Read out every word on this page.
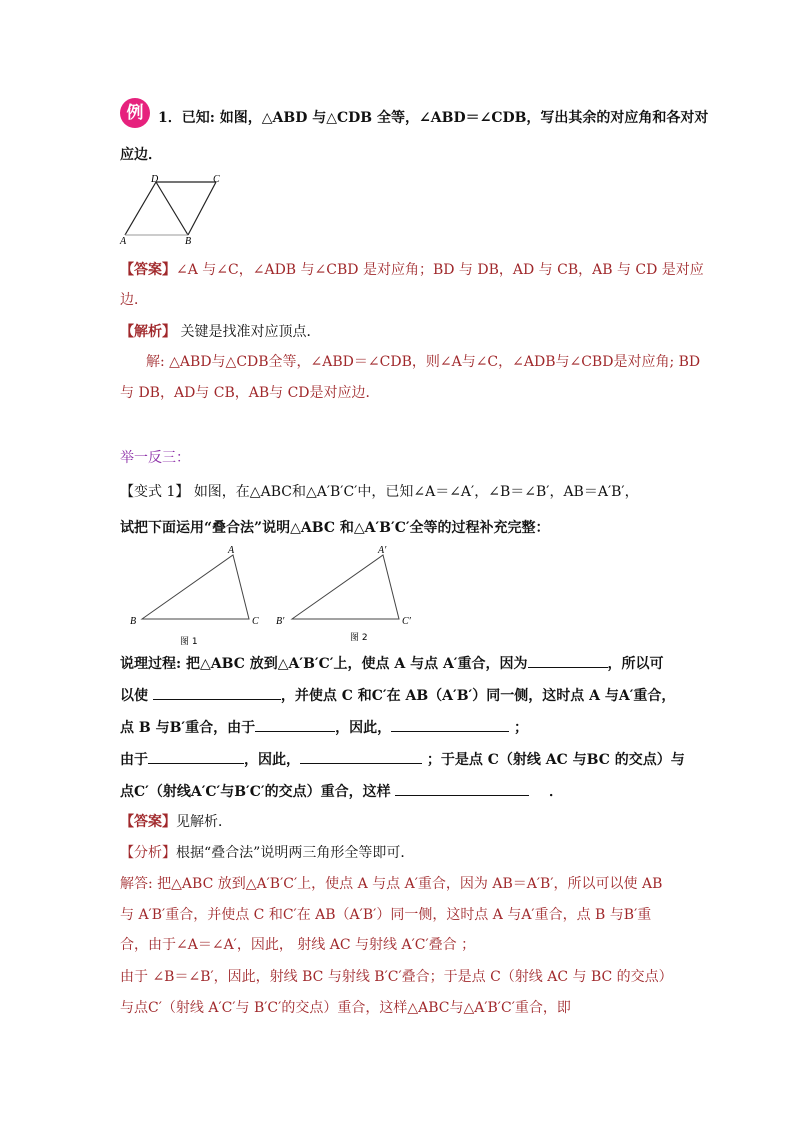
例	1．已知: 如图，△ABD 与△CDB 全等，∠ABD＝∠CDB，写出其余的对应角和各对对
应边．
D	C
A	B
【答案】∠A 与∠C，∠ADB 与∠CBD 是对应角；BD 与 DB，AD 与 CB，AB 与 CD 是对应
边．
【解析】 关键是找准对应顶点．
解: △ABD与△CDB全等，∠ABD＝∠CDB，则∠A与∠C，∠ADB与∠CBD是对应角; BD
与 DB，AD与 CB，AB与 CD是对应边．
举一反三：
【变式 1】 如图，在△ABC和△A′B′C′中，已知∠A＝∠A′，∠B＝∠B′，AB＝A′B′，
试把下面运用“叠合法”说明△ABC 和△A′B′C′全等的过程补充完整：
A
B	C
图 1
A′
B′	C′
图 2
说理过程: 把△ABC 放到△A′B′C′上，使点 A 与点 A′重合，因为	，所以可
以使	，并使点 C 和C′在 AB（A′B′）同一侧，这时点 A 与A′重合，
点 B 与B′重合，由于	，因此，	；
由于	，因此，	；于是点 C（射线 AC 与BC 的交点）与
点C′（射线A′C′与B′C′的交点）重合，这样	．
【答案】见解析．
【分析】根据“叠合法”说明两三角形全等即可．
解答: 把△ABC 放到△A′B′C′上，使点 A 与点 A′重合，因为 AB＝A′B′，所以可以使 AB
与 A′B′重合，并使点 C 和C′在 AB（A′B′）同一侧，这时点 A 与A′重合，点 B 与B′重
合，由于∠A＝∠A′，因此， 射线 AC 与射线 A′C′叠合 ；
由于 ∠B＝∠B′，因此，射线 BC 与射线 B′C′叠合；于是点 C（射线 AC 与 BC 的交点）
与点C′（射线 A′C′与 B′C′的交点）重合，这样△ABC与△A′B′C′重合，即
